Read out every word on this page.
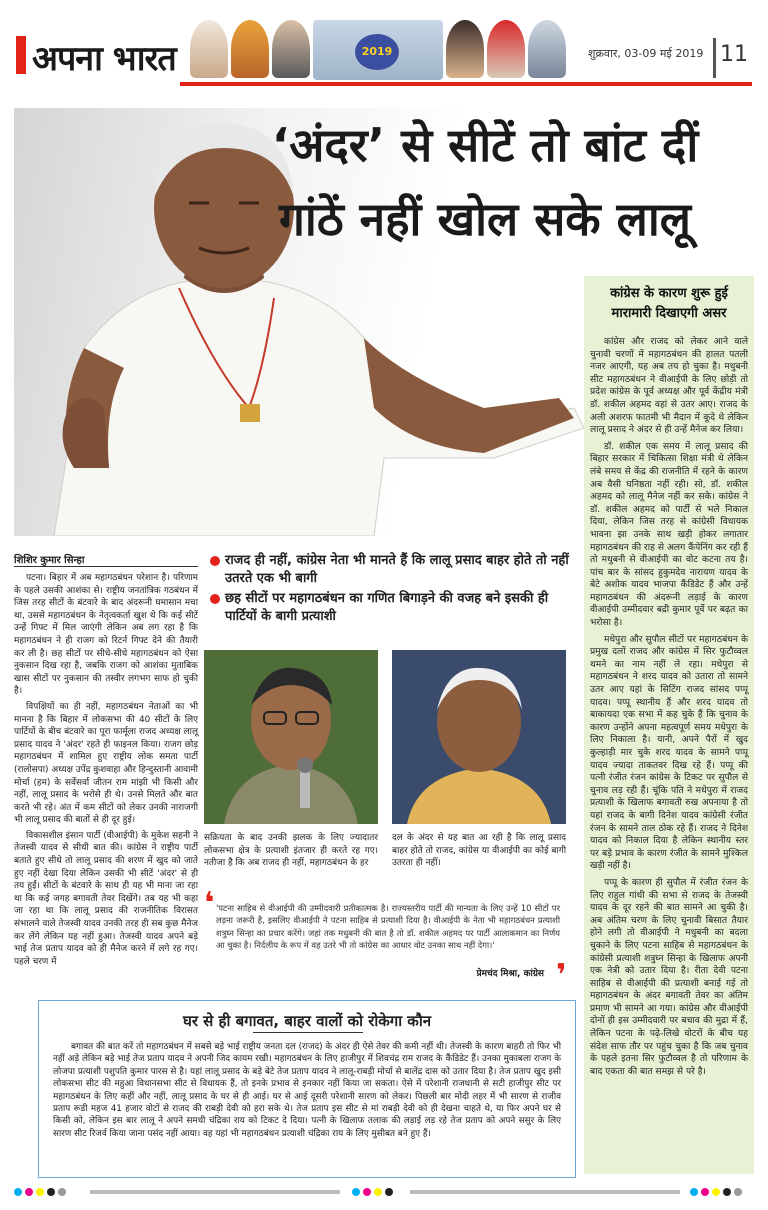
अपना भारत	2019	शुक्रवार, 03-09 मई 2019 11
‘अंदर’ से सीटें तो बांट दीं
गांठें नहीं खोल सके लालू
कांग्रेस के कारण शुरू हुई मारामारी दिखाएगी असर

कांग्रेस और राजद को लेकर आने वाले चुनावी चरणों में महागठबंधन की हालत पतली नजर आएगी, यह अब तय हो चुका है। मधुबनी सीट महागठबंधन ने वीआईपी के लिए छोड़ी तो प्रदेश कांग्रेस के पूर्व अध्यक्ष और पूर्व केंद्रीय मंत्री डॉ. शकील अहमद वहां से उतर आए। राजद के अली अशरफ फातमी भी मैदान में कूदे थे लेकिन लालू प्रसाद ने अंदर से ही उन्हें मैनेज कर लिया।

डॉ. शकील एक समय में लालू प्रसाद की बिहार सरकार में चिकित्सा शिक्षा मंत्री थे लेकिन लंबे समय से केंद्र की राजनीति में रहने के कारण अब वैसी घनिष्ठता नहीं रही। सो, डॉ. शकील अहमद को लालू मैनेज नहीं कर सके। कांग्रेस ने डॉ. शकील अहमद को पार्टी से भले निकाल दिया, लेकिन जिस तरह से कांग्रेसी विधायक भावना झा उनके साथ खड़ी होकर लगातार महागठबंधन की राह से अलग कैंपेनिंग कर रही हैं तो मधुबनी से वीआईपी का वोट कटना तय है। पांच बार के सांसद हुकुमदेव नारायण यादव के बेटे अशोक यादव भाजपा कैंडिडेट हैं और उन्हें महागठबंधन की अंदरूनी लड़ाई के कारण वीआईपी उम्मीदवार बद्री कुमार पूर्वे पर बढ़त का भरोसा है।

मधेपुरा और सुपौल सीटों पर महागठबंधन के प्रमुख दलों राजद और कांग्रेस में सिर फुटौव्वल थमने का नाम नहीं ले रहा। मधेपुरा से महागठबंधन ने शरद यादव को उतारा तो सामने उतर आए यहां के सिटिंग राजद सांसद पप्पू यादव। पप्पू स्थानीय हैं और शरद यादव तो बाकायदा एक सभा में कह चुके हैं कि चुनाव के कारण उन्होंने अपना महत्वपूर्ण समय मधेपुरा के लिए निकाला है। यानी, अपने पैरों में खुद कुल्हाड़ी मार चुके शरद यादव के सामने पप्पू यादव ज्यादा ताकतवर दिख रहे हैं। पप्पू की पत्नी रंजीत रंजन कांग्रेस के टिकट पर सुपौल से चुनाव लड़ रही हैं। चूंकि पति ने मधेपुरा में राजद प्रत्याशी के खिलाफ बगावती रुख अपनाया है तो यहां राजद के बागी दिनेश यादव कांग्रेसी रंजीत रंजन के सामने ताल ठोक रहे हैं। राजद ने दिनेश यादव को निकाल दिया है लेकिन स्थानीय स्तर पर बड़े प्रभाव के कारण रंजीत के सामने मुश्किल खड़ी नहीं है।

पप्पू के कारण ही सुपौल में रंजीत रंजन के लिए राहुल गांधी की सभा से राजद के तेजस्वी यादव के दूर रहने की बात सामने आ चुकी है। अब अंतिम चरण के लिए चुनावी बिसात तैयार होने लगी तो वीआईपी ने मधुबनी का बदला चुकाने के लिए पटना साहिब से महागठबंधन के कांग्रेसी प्रत्याशी शत्रुघ्न सिन्हा के खिलाफ अपनी एक नेत्री को उतार दिया है। रीता देवी पटना साहिब से वीआईपी की प्रत्याशी बनाई गई तो महागठबंधन के अंदर बगावती तेवर का अंतिम प्रमाण भी सामने आ गया। कांग्रेस और वीआईपी दोनों ही इस उम्मीदवारी पर बचाव की मुद्रा में हैं, लेकिन पटना के पढ़े-लिखे वोटरों के बीच यह संदेश साफ तौर पर पहुंच चुका है कि जब चुनाव के पहले इतना सिर फुटौव्वल है तो परिणाम के बाद एकता की बात समझ से परे है।

शिशिर कुमार सिन्हा

पटना। बिहार में अब महागठबंधन परेशान है। परिणाम के पहले उसकी आशंका से। राष्ट्रीय जनतांत्रिक गठबंधन में जिस तरह सीटों के बंटवारे के बाद अंदरूनी घमासान मचा था, उससे महागठबंधन के नेतृत्वकर्ता खुश थे कि कई सीटें उन्हें गिफ्ट में मिल जाएंगी लेकिन अब लग रहा है कि महागठबंधन ने ही राजग को रिटर्न गिफ्ट देने की तैयारी कर ली है। छह सीटों पर सीधे-सीधे महागठबंधन को ऐसा नुकसान दिख रहा है, जबकि राजग को आशंका मुताबिक खास सीटों पर नुकसान की तस्वीर लगभग साफ हो चुकी है।

विपक्षियों का ही नहीं, महागठबंधन नेताओं का भी मानना है कि बिहार में लोकसभा की 40 सीटों के लिए पार्टियों के बीच बंटवारे का पूरा फार्मूला राजद अध्यक्ष लालू प्रसाद यादव ने 'अंदर' रहते ही फाइनल किया। राजग छोड़ महागठबंधन में शामिल हुए राष्ट्रीय लोक समता पार्टी (रालोसपा) अध्यक्ष उपेंद्र कुशवाहा और हिन्दुस्तानी आवामी मोर्चा (हम) के सर्वेसर्वा जीतन राम मांझी भी किसी और नहीं, लालू प्रसाद के भरोसे ही थे। उनसे मिलते और बात करते भी रहे। अंत में कम सीटों को लेकर उनकी नाराजगी भी लालू प्रसाद की बातों से ही दूर हुई।

विकासशील इंसान पार्टी (वीआईपी) के मुकेश सहनी ने तेजस्वी यादव से सीधी बात की। कांग्रेस ने राष्ट्रीय पार्टी बताते हुए सीधे तो लालू प्रसाद की शरण में खुद को जाते हुए नहीं देखा दिया लेकिन उसकी भी सीटें 'अंदर' से ही तय हुईं। सीटों के बंटवारे के साथ ही यह भी माना जा रहा था कि कई जगह बगावती तेवर दिखेंगे। तब यह भी कहा जा रहा था कि लालू प्रसाद की राजनीतिक विरासत संभालने वाले तेजस्वी यादव उनकी तरह ही सब कुछ मैनेज कर लेंगे लेकिन यह नहीं हुआ। तेजस्वी यादव अपने बड़े भाई तेज प्रताप यादव को ही मैनेज करने में लगे रह गए। पहले चरण में

राजद ही नहीं, कांग्रेस नेता भी मानते हैं कि लालू प्रसाद बाहर होते तो नहीं उतरते एक भी बागी
छह सीटों पर महागठबंधन का गणित बिगाड़ने की वजह बने इसकी ही पार्टियों के बागी प्रत्याशी
सक्रियता के बाद उनकी झलक के लिए ज्यादातर लोकसभा क्षेत्र के प्रत्याशी इंतजार ही करते रह गए। नतीजा है कि अब राजद ही नहीं, महागठबंधन के हर
दल के अंदर से यह बात आ रही है कि लालू प्रसाद बाहर होते तो राजद, कांग्रेस या वीआईपी का कोई बागी उतरता ही नहीं।
❛ 'पटना साहिब से वीआईपी की उम्मीदवारी प्रतीकात्मक है। राज्यस्तरीय पार्टी की मान्यता के लिए उन्हें 10 सीटों पर लड़ना जरूरी है, इसलिए वीआईपी ने पटना साहिब से प्रत्याशी दिया है। वीआईपी के नेता भी महागठबंधन प्रत्याशी शत्रुघ्न सिन्हा का प्रचार करेंगे। जहां तक मधुबनी की बात है तो डॉ. शकील अहमद पर पार्टी आलाकमान का निर्णय आ चुका है। निर्दलीय के रूप में वह उतरे भी तो कांग्रेस का आधार वोट उनका साथ नहीं देगा।'
प्रेमचंद मिश्रा, कांग्रेस ❜
घर से ही बगावत, बाहर वालों को रोकेगा कौन
बगावत की बात करें तो महागठबंधन में सबसे बड़े भाई राष्ट्रीय जनता दल (राजद) के अंदर ही ऐसे तेवर की कमी नहीं थी। तेजस्वी के कारण बाहरी तो फिर भी नहीं अड़े लेकिन बड़े भाई तेज प्रताप यादव ने अपनी जिद कायम रखी। महागठबंधन के लिए हाजीपुर में शिवचंद्र राम राजद के कैंडिडेट हैं। उनका मुकाबला राजग के लोजपा प्रत्याशी पशुपति कुमार पारस से है। यहां लालू प्रसाद के बड़े बेटे तेज प्रताप यादव ने लालू-राबड़ी मोर्चा से बालेंद्र दास को उतार दिया है। तेज प्रताप खुद इसी लोकसभा सीट की महुआ विधानसभा सीट से विधायक हैं, तो इनके प्रभाव से इनकार नहीं किया जा सकता। ऐसे में परेशानी राजधानी से सटी हाजीपुर सीट पर महागठबंधन के लिए कहीं और नहीं, लालू प्रसाद के घर से ही आई। घर से आई दूसरी परेशानी सारण को लेकर। पिछली बार मोदी लहर में भी सारण से राजीव प्रताप रूडी महज 41 हजार वोटों से राजद की राबड़ी देवी को हरा सके थे। तेज प्रताप इस सीट से मां राबड़ी देवी को ही देखना चाहते थे, या फिर अपने घर से किसी को, लेकिन इस बार लालू ने अपने समधी चंद्रिका राय को टिकट दे दिया। पत्नी के खिलाफ तलाक की लड़ाई लड़ रहे तेज प्रताप को अपने ससुर के लिए सारण सीट रिजर्व किया जाना पसंद नहीं आया। वह यहां भी महागठबंधन प्रत्याशी चंद्रिका राय के लिए मुसीबत बने हुए हैं।
